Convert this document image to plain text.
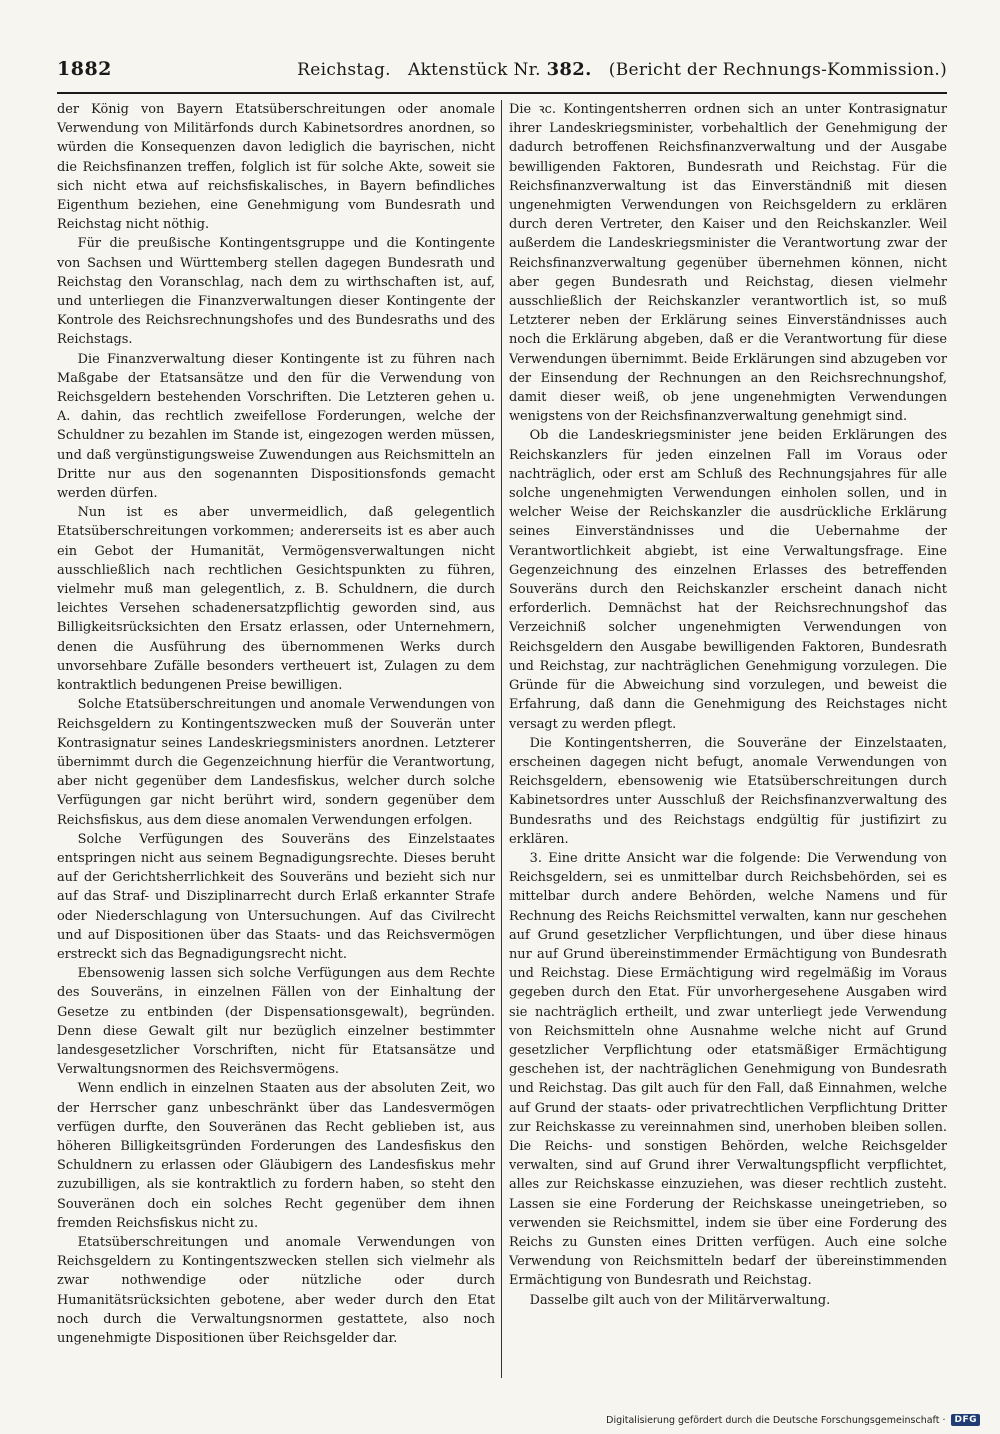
1882	Reichstag. Aktenstück Nr. 382. (Bericht der Rechnungs-Kommission.)

der König von Bayern Etatsüberschreitungen oder anomale Verwendung von Militärfonds durch Kabinetsordres anordnen, so würden die Konsequenzen davon lediglich die bayrischen, nicht die Reichsfinanzen treffen, folglich ist für solche Akte, soweit sie sich nicht etwa auf reichsfiskalisches, in Bayern befindliches Eigenthum beziehen, eine Genehmigung vom Bundesrath und Reichstag nicht nöthig.

Für die preußische Kontingentsgruppe und die Kontingente von Sachsen und Württemberg stellen dagegen Bundesrath und Reichstag den Voranschlag, nach dem zu wirthschaften ist, auf, und unterliegen die Finanzverwaltungen dieser Kontingente der Kontrole des Reichsrechnungshofes und des Bundesraths und des Reichstags.

Die Finanzverwaltung dieser Kontingente ist zu führen nach Maßgabe der Etatsansätze und den für die Verwendung von Reichsgeldern bestehenden Vorschriften. Die Letzteren gehen u. A. dahin, das rechtlich zweifellose Forderungen, welche der Schuldner zu bezahlen im Stande ist, eingezogen werden müssen, und daß vergünstigungsweise Zuwendungen aus Reichsmitteln an Dritte nur aus den sogenannten Dispositionsfonds gemacht werden dürfen.

Nun ist es aber unvermeidlich, daß gelegentlich Etatsüberschreitungen vorkommen; andererseits ist es aber auch ein Gebot der Humanität, Vermögensverwaltungen nicht ausschließlich nach rechtlichen Gesichtspunkten zu führen, vielmehr muß man gelegentlich, z. B. Schuldnern, die durch leichtes Versehen schadenersatzpflichtig geworden sind, aus Billigkeitsrücksichten den Ersatz erlassen, oder Unternehmern, denen die Ausführung des übernommenen Werks durch unvorsehbare Zufälle besonders vertheuert ist, Zulagen zu dem kontraktlich bedungenen Preise bewilligen.

Solche Etatsüberschreitungen und anomale Verwendungen von Reichsgeldern zu Kontingentszwecken muß der Souverän unter Kontrasignatur seines Landeskriegsministers anordnen. Letzterer übernimmt durch die Gegenzeichnung hierfür die Verantwortung, aber nicht gegenüber dem Landesfiskus, welcher durch solche Verfügungen gar nicht berührt wird, sondern gegenüber dem Reichsfiskus, aus dem diese anomalen Verwendungen erfolgen.

Solche Verfügungen des Souveräns des Einzelstaates entspringen nicht aus seinem Begnadigungsrechte. Dieses beruht auf der Gerichtsherrlichkeit des Souveräns und bezieht sich nur auf das Straf- und Disziplinarrecht durch Erlaß erkannter Strafe oder Niederschlagung von Untersuchungen. Auf das Civilrecht und auf Dispositionen über das Staats- und das Reichsvermögen erstreckt sich das Begnadigungsrecht nicht.

Ebensowenig lassen sich solche Verfügungen aus dem Rechte des Souveräns, in einzelnen Fällen von der Einhaltung der Gesetze zu entbinden (der Dispensationsgewalt), begründen. Denn diese Gewalt gilt nur bezüglich einzelner bestimmter landesgesetzlicher Vorschriften, nicht für Etatsansätze und Verwaltungsnormen des Reichsvermögens.

Wenn endlich in einzelnen Staaten aus der absoluten Zeit, wo der Herrscher ganz unbeschränkt über das Landesvermögen verfügen durfte, den Souveränen das Recht geblieben ist, aus höheren Billigkeitsgründen Forderungen des Landesfiskus den Schuldnern zu erlassen oder Gläubigern des Landesfiskus mehr zuzubilligen, als sie kontraktlich zu fordern haben, so steht den Souveränen doch ein solches Recht gegenüber dem ihnen fremden Reichsfiskus nicht zu.

Etatsüberschreitungen und anomale Verwendungen von Reichsgeldern zu Kontingentszwecken stellen sich vielmehr als zwar nothwendige oder nützliche oder durch Humanitätsrücksichten gebotene, aber weder durch den Etat noch durch die Verwaltungsnormen gestattete, also noch ungenehmigte Dispositionen über Reichsgelder dar.

Die ꝛc. Kontingentsherren ordnen sich an unter Kontrasignatur ihrer Landeskriegsminister, vorbehaltlich der Genehmigung der dadurch betroffenen Reichsfinanzverwaltung und der Ausgabe bewilligenden Faktoren, Bundesrath und Reichstag. Für die Reichsfinanzverwaltung ist das Einverständniß mit diesen ungenehmigten Verwendungen von Reichsgeldern zu erklären durch deren Vertreter, den Kaiser und den Reichskanzler. Weil außerdem die Landeskriegsminister die Verantwortung zwar der Reichsfinanzverwaltung gegenüber übernehmen können, nicht aber gegen Bundesrath und Reichstag, diesen vielmehr ausschließlich der Reichskanzler verantwortlich ist, so muß Letzterer neben der Erklärung seines Einverständnisses auch noch die Erklärung abgeben, daß er die Verantwortung für diese Verwendungen übernimmt. Beide Erklärungen sind abzugeben vor der Einsendung der Rechnungen an den Reichsrechnungshof, damit dieser weiß, ob jene ungenehmigten Verwendungen wenigstens von der Reichsfinanzverwaltung genehmigt sind.

Ob die Landeskriegsminister jene beiden Erklärungen des Reichskanzlers für jeden einzelnen Fall im Voraus oder nachträglich, oder erst am Schluß des Rechnungsjahres für alle solche ungenehmigten Verwendungen einholen sollen, und in welcher Weise der Reichskanzler die ausdrückliche Erklärung seines Einverständnisses und die Uebernahme der Verantwortlichkeit abgiebt, ist eine Verwaltungsfrage. Eine Gegenzeichnung des einzelnen Erlasses des betreffenden Souveräns durch den Reichskanzler erscheint danach nicht erforderlich. Demnächst hat der Reichsrechnungshof das Verzeichniß solcher ungenehmigten Verwendungen von Reichsgeldern den Ausgabe bewilligenden Faktoren, Bundesrath und Reichstag, zur nachträglichen Genehmigung vorzulegen. Die Gründe für die Abweichung sind vorzulegen, und beweist die Erfahrung, daß dann die Genehmigung des Reichstages nicht versagt zu werden pflegt.

Die Kontingentsherren, die Souveräne der Einzelstaaten, erscheinen dagegen nicht befugt, anomale Verwendungen von Reichsgeldern, ebensowenig wie Etatsüberschreitungen durch Kabinetsordres unter Ausschluß der Reichsfinanzverwaltung des Bundesraths und des Reichstags endgültig für justifizirt zu erklären.

3. Eine dritte Ansicht war die folgende: Die Verwendung von Reichsgeldern, sei es unmittelbar durch Reichsbehörden, sei es mittelbar durch andere Behörden, welche Namens und für Rechnung des Reichs Reichsmittel verwalten, kann nur geschehen auf Grund gesetzlicher Verpflichtungen, und über diese hinaus nur auf Grund übereinstimmender Ermächtigung von Bundesrath und Reichstag. Diese Ermächtigung wird regelmäßig im Voraus gegeben durch den Etat. Für unvorhergesehene Ausgaben wird sie nachträglich ertheilt, und zwar unterliegt jede Verwendung von Reichsmitteln ohne Ausnahme welche nicht auf Grund gesetzlicher Verpflichtung oder etatsmäßiger Ermächtigung geschehen ist, der nachträglichen Genehmigung von Bundesrath und Reichstag. Das gilt auch für den Fall, daß Einnahmen, welche auf Grund der staats- oder privatrechtlichen Verpflichtung Dritter zur Reichskasse zu vereinnahmen sind, unerhoben bleiben sollen. Die Reichs- und sonstigen Behörden, welche Reichsgelder verwalten, sind auf Grund ihrer Verwaltungspflicht verpflichtet, alles zur Reichskasse einzuziehen, was dieser rechtlich zusteht. Lassen sie eine Forderung der Reichskasse uneingetrieben, so verwenden sie Reichsmittel, indem sie über eine Forderung des Reichs zu Gunsten eines Dritten verfügen. Auch eine solche Verwendung von Reichsmitteln bedarf der übereinstimmenden Ermächtigung von Bundesrath und Reichstag.

Dasselbe gilt auch von der Militärverwaltung.

Digitalisierung gefördert durch die Deutsche Forschungsgemeinschaft ·	DFG
